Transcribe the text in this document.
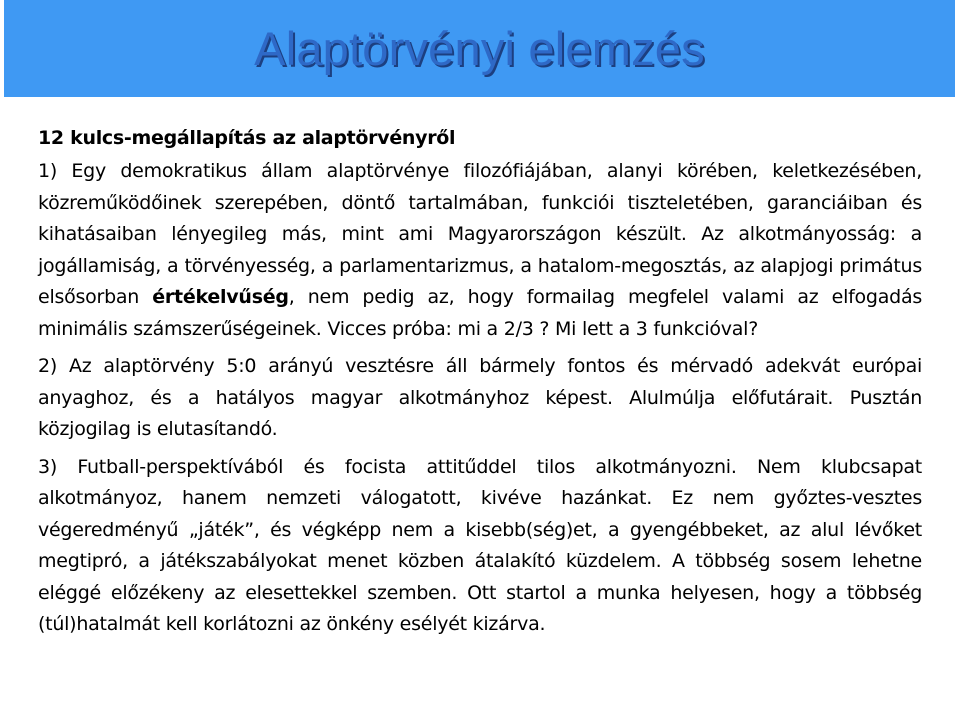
Alaptörvényi elemzés
12 kulcs-megállapítás az alaptörvényről
1) Egy demokratikus állam alaptörvénye filozófiájában, alanyi körében, keletkezésében, közreműködőinek szerepében, döntő tartalmában, funkciói tiszteletében, garanciáiban és kihatásaiban lényegileg más, mint ami Magyarországon készült. Az alkotmányosság: a jogállamiság, a törvényesség, a parlamentarizmus, a hatalom-megosztás, az alapjogi primátus elsősorban értékelvűség, nem pedig az, hogy formailag megfelel valami az elfogadás minimális számszerűségeinek. Vicces próba: mi a 2/3 ? Mi lett a 3 funkcióval?
2) Az alaptörvény 5:0 arányú vesztésre áll bármely fontos és mérvadó adekvát európai anyaghoz, és a hatályos magyar alkotmányhoz képest. Alulmúlja előfutárait. Pusztán közjogilag is elutasítandó.
3) Futball-perspektívából és focista attitűddel tilos alkotmányozni. Nem klubcsapat alkotmányoz, hanem nemzeti válogatott, kivéve hazánkat. Ez nem győztes-vesztes végeredményű „játék”, és végképp nem a kisebb(ség)et, a gyengébbeket, az alul lévőket megtipró, a játékszabályokat menet közben átalakító küzdelem. A többség sosem lehetne eléggé előzékeny az elesettekkel szemben. Ott startol a munka helyesen, hogy a többség (túl)hatalmát kell korlátozni az önkény esélyét kizárva.
